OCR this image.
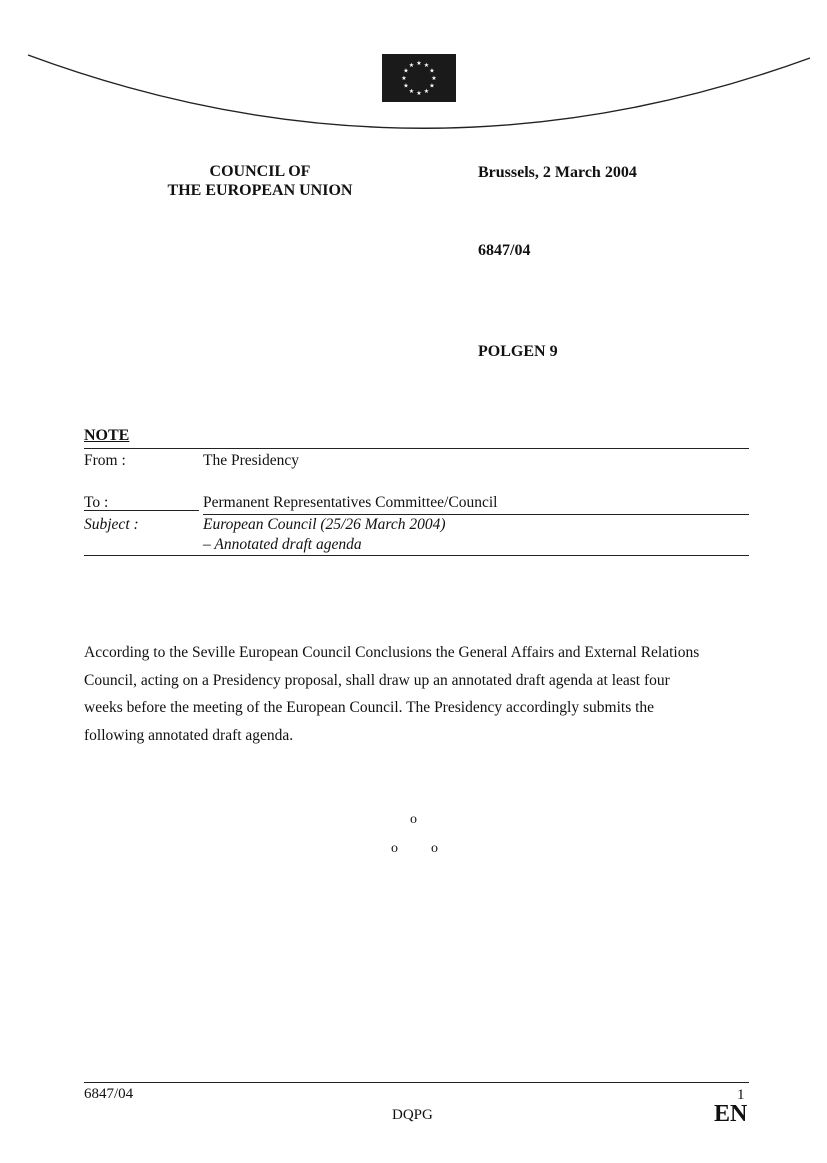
★ ★
★
★
★
★
★
★
★
★
★
★
COUNCIL OF
THE EUROPEAN UNION
Brussels, 2 March 2004
6847/04
POLGEN 9
NOTE
From :	The Presidency
To :	Permanent Representatives Committee/Council
Subject :	European Council (25/26 March 2004)
– Annotated draft agenda

According to the Seville European Council Conclusions the General Affairs and External Relations

Council, acting on a Presidency proposal, shall draw up an annotated draft agenda at least four

weeks before the meeting of the European Council. The Presidency accordingly submits the

following annotated draft agenda.

o
o o
6847/04	1
DQPG	EN
